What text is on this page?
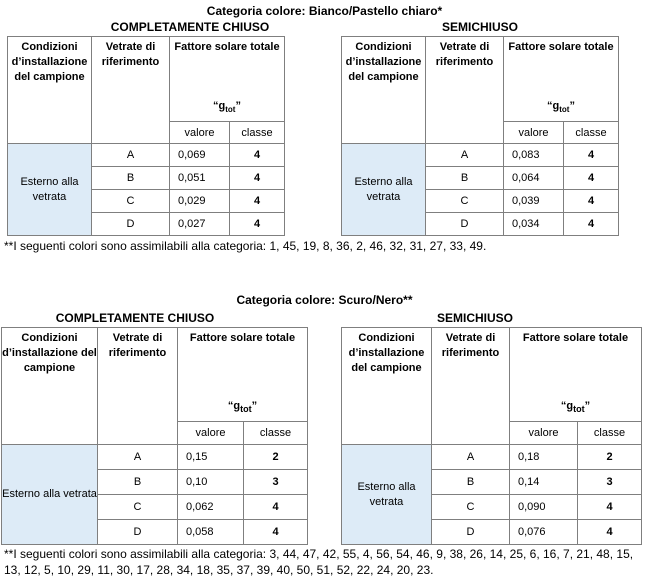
Categoria colore: Bianco/Pastello chiaro*
COMPLETAMENTE CHIUSO	SEMICHIUSO
Condizioni d’installazione del campione	Vetrate di riferimento	Fattore solare totale
“$g_{tot}$”	

		valore	classe
Esterno alla vetrata	A	0,069	4
	B	0,051	4
	C	0,029	4
	D	0,027	4
Condizioni d’installazione del campione	Vetrate di riferimento	Fattore solare totale
“$g_{tot}$”	

		valore	classe
Esterno alla vetrata	A	0,083	4
	B	0,064	4
	C	0,039	4
	D	0,034	4
**I seguenti colori sono assimilabili alla categoria: 1, 45, 19, 8, 36, 2, 46, 32, 31, 27, 33, 49.
Categoria colore: Scuro/Nero**
COMPLETAMENTE CHIUSO	SEMICHIUSO
Condizioni d’installazione del campione	Vetrate di riferimento	Fattore solare totale
“$g_{tot}$”	

		valore	classe
Esterno alla vetrata	A	0,15	2
	B	0,10	3
	C	0,062	4
	D	0,058	4
Condizioni d’installazione del campione	Vetrate di riferimento	Fattore solare totale
“$g_{tot}$”	

		valore	classe
Esterno alla vetrata	A	0,18	2
	B	0,14	3
	C	0,090	4
	D	0,076	4
**I seguenti colori sono assimilabili alla categoria: 3, 44, 47, 42, 55, 4, 56, 54, 46, 9, 38, 26, 14, 25, 6, 16, 7, 21, 48, 15, 13, 12, 5, 10, 29, 11, 30, 17, 28, 34, 18, 35, 37, 39, 40, 50, 51, 52, 22, 24, 20, 23.
